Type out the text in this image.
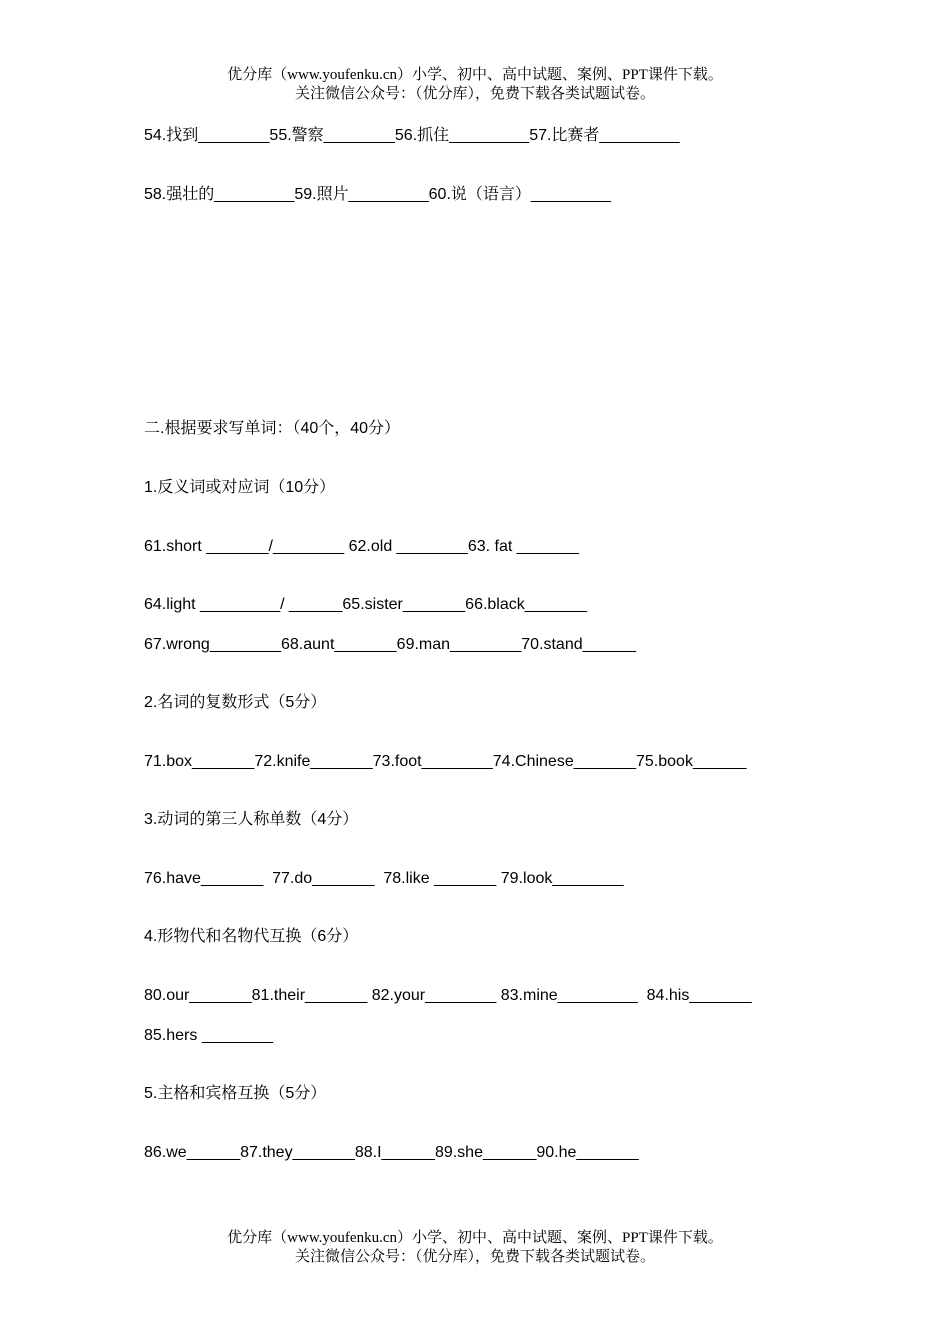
优分库（www.youfenku.cn）小学、初中、高中试题、案例、PPT课件下载。
关注微信公众号：（优分库），免费下载各类试题试卷。
54.找到________55.警察________56.抓住_________57.比赛者_________
58.强壮的_________59.照片_________60.说（语言）_________
二.根据要求写单词：（40个，40分）
1.反义词或对应词（10分）
61.short _______/________ 62.old ________63. fat _______
64.light _________/ ______65.sister_______66.black_______
67.wrong________68.aunt_______69.man________70.stand______
2.名词的复数形式（5分）
71.box_______72.knife_______73.foot________74.Chinese_______75.book______
3.动词的第三人称单数（4分）
76.have_______  77.do_______  78.like _______ 79.look________
4.形物代和名物代互换（6分）
80.our_______81.their_______ 82.your________ 83.mine_________  84.his_______
85.hers ________
5.主格和宾格互换（5分）
86.we______87.they_______88.I______89.she______90.he_______
优分库（www.youfenku.cn）小学、初中、高中试题、案例、PPT课件下载。
关注微信公众号：（优分库），免费下载各类试题试卷。
